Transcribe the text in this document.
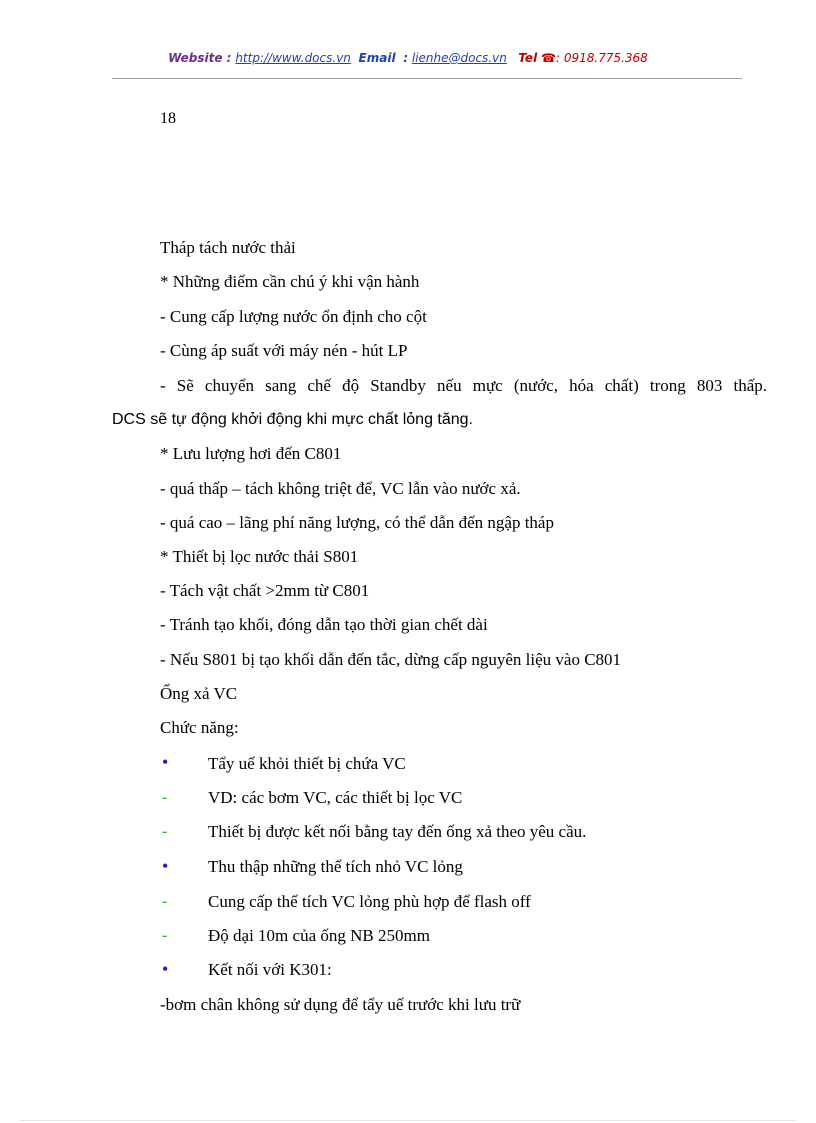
Website : http://www.docs.vn Email : lienhe@docs.vn Tel ☎: 0918.775.368
18
Tháp tách nước thải
* Những điểm cần chú ý khi vận hành
- Cung cấp lượng nước ổn định cho cột
- Cùng áp suất với máy nén - hút LP
- Sẽ chuyển sang chế độ Standby nếu mực (nước, hóa chất) trong 803 thấp.
DCS sẽ tự động khởi động khi mực chất lỏng tăng.
* Lưu lượng hơi đến C801
- quá thấp – tách không triệt để, VC lẫn vào nước xả.
- quá cao – lãng phí năng lượng, có thể dẫn đến ngập tháp
* Thiết bị lọc nước thải S801
- Tách vật chất >2mm từ C801
- Tránh tạo khối, đóng dẫn tạo thời gian chết dài
- Nếu S801 bị tạo khối dẫn đến tắc, dừng cấp nguyên liệu vào C801
Ống xả VC
Chức năng:
• Tẩy uế khỏi thiết bị chứa VC
- VD: các bơm VC, các thiết bị lọc VC
- Thiết bị được kết nối bằng tay đến ống xả theo yêu cầu.
• Thu thập những thể tích nhỏ VC lỏng
- Cung cấp thể tích VC lỏng phù hợp để flash off
- Độ dại 10m của ống NB 250mm
• Kết nối với K301:
-bơm chân không sử dụng để tẩy uế trước khi lưu trữ
